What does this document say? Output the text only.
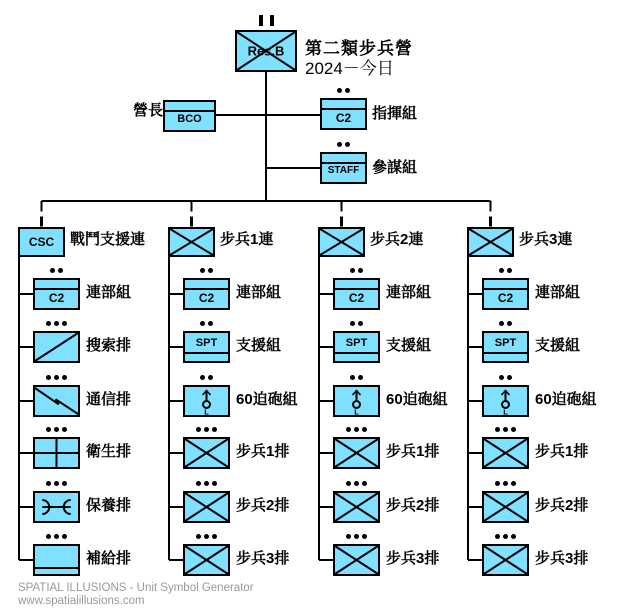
Res.B	第二類步兵營
2024－今日
營長	BCO	C2	指揮組
STAFF 參謀組
CSC	戰鬥支援連
C2	連部組
搜索排
通信排
衛生排
保養排
補給排
步兵1連
C2	連部組
SPT	支援組
L
60迫砲組
步兵1排
步兵2排
步兵3排
步兵2連
C2	連部組
SPT	支援組
L
60迫砲組
步兵1排
步兵2排
步兵3排
步兵3連
C2	連部組
SPT	支援組
L
60迫砲組
步兵1排
步兵2排
步兵3排
SPATIAL ILLUSIONS - Unit Symbol Generator
www.spatialillusions.com
